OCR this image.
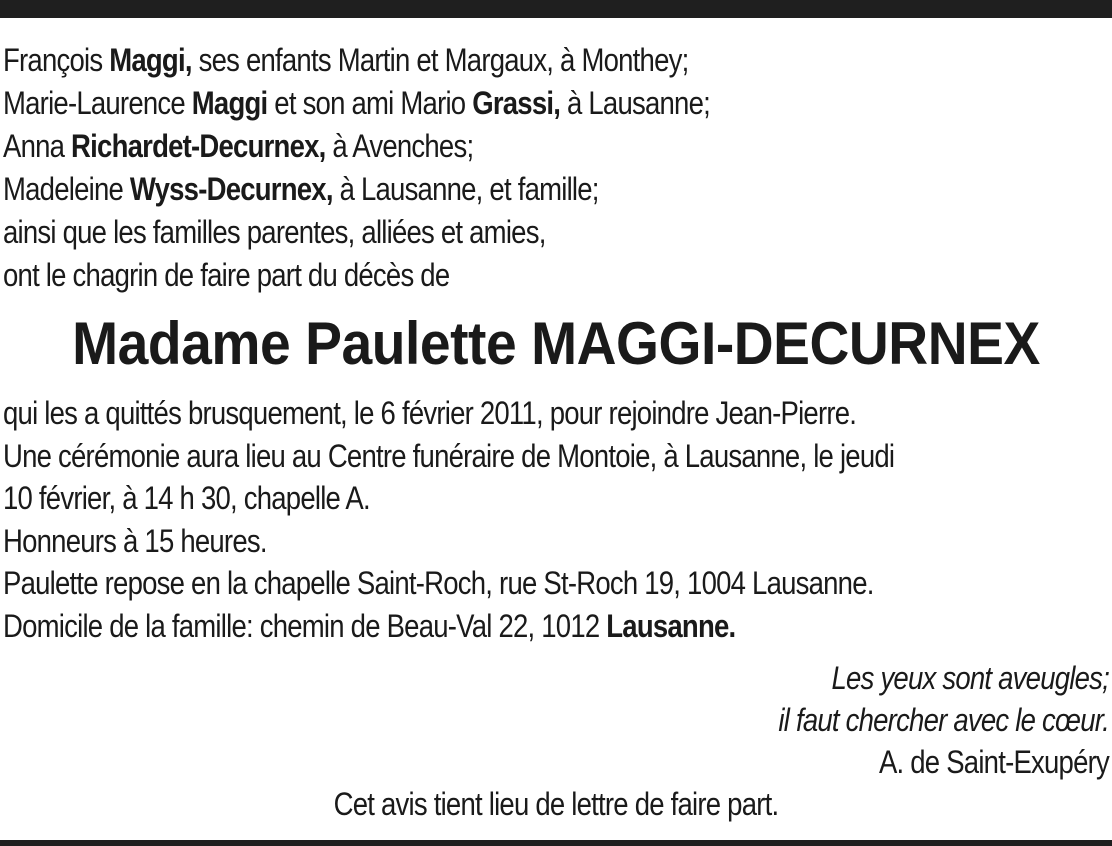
François Maggi, ses enfants Martin et Margaux, à Monthey;
Marie-Laurence Maggi et son ami Mario Grassi, à Lausanne;
Anna Richardet-Decurnex, à Avenches;
Madeleine Wyss-Decurnex, à Lausanne, et famille;
ainsi que les familles parentes, alliées et amies,
ont le chagrin de faire part du décès de
Madame Paulette MAGGI-DECURNEX
qui les a quittés brusquement, le 6 février 2011, pour rejoindre Jean-Pierre.
Une cérémonie aura lieu au Centre funéraire de Montoie, à Lausanne, le jeudi
10 février, à 14 h 30, chapelle A.
Honneurs à 15 heures.
Paulette repose en la chapelle Saint-Roch, rue St-Roch 19, 1004 Lausanne.
Domicile de la famille: chemin de Beau-Val 22, 1012 Lausanne.
Les yeux sont aveugles;
il faut chercher avec le cœur.
A. de Saint-Exupéry
Cet avis tient lieu de lettre de faire part.
